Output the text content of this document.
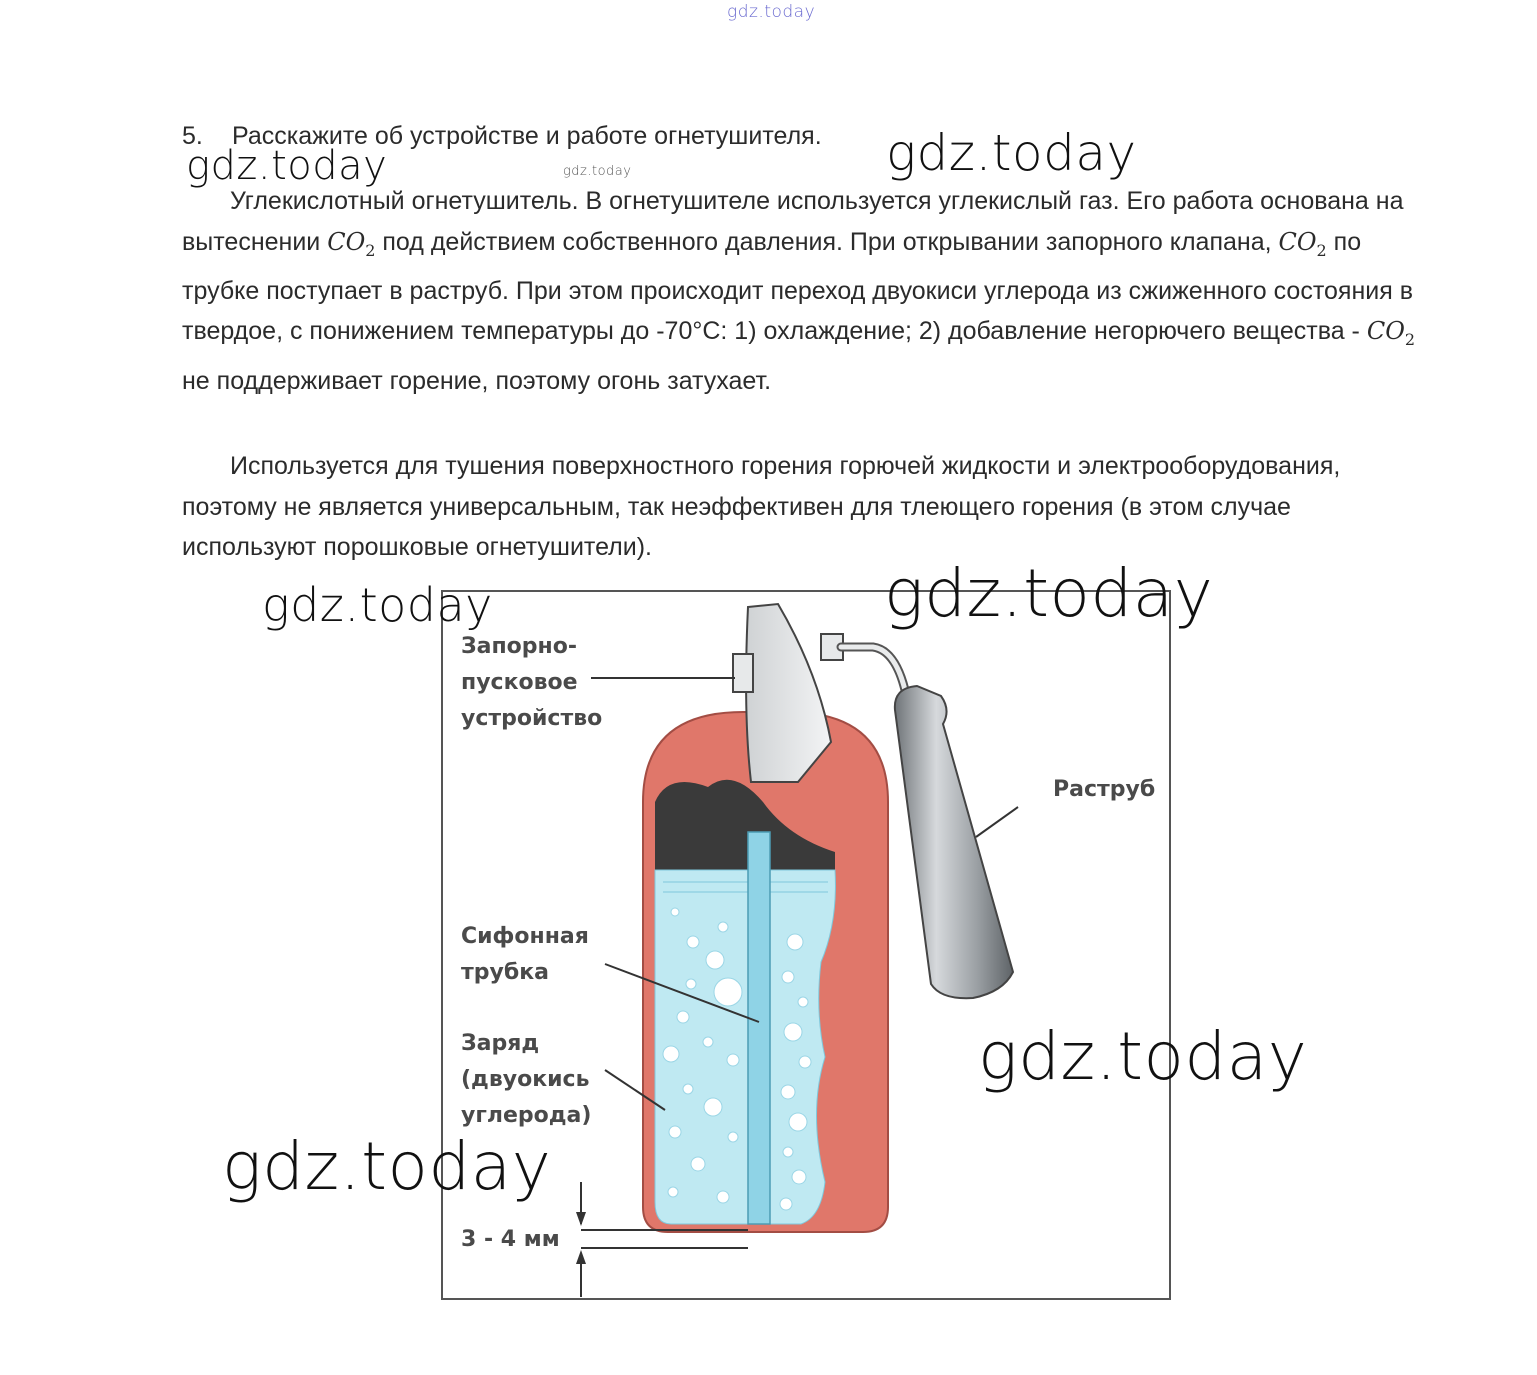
gdz.today
gdz.today
5. Расскажите об устройстве и работе огнетушителя.
Углекислотный огнетушитель. В огнетушителе используется углекислый газ. Его работа основана на вытеснении $CO_2$ под действием собственного давления. При открывании запорного клапана, $CO_2$ по трубке поступает в раструб. При этом происходит переход двуокиси углерода из сжиженного состояния в твердое, с понижением температуры до -70°С: 1) охлаждение; 2) добавление негорючего вещества - $CO_2$ не поддерживает горение, поэтому огонь затухает.
Используется для тушения поверхностного горения горючей жидкости и электрооборудования, поэтому не является универсальным, так неэффективен для тлеющего горения (в этом случае используют порошковые огнетушители).
Запорно-
пусковое
устройство
Раструб
Сифонная
трубка
Заряд
(двуокись
углерода)
3 - 4 мм
gdz.today	gdz.today
gdz.today	gdz.today
gdz.today
gdz.today
